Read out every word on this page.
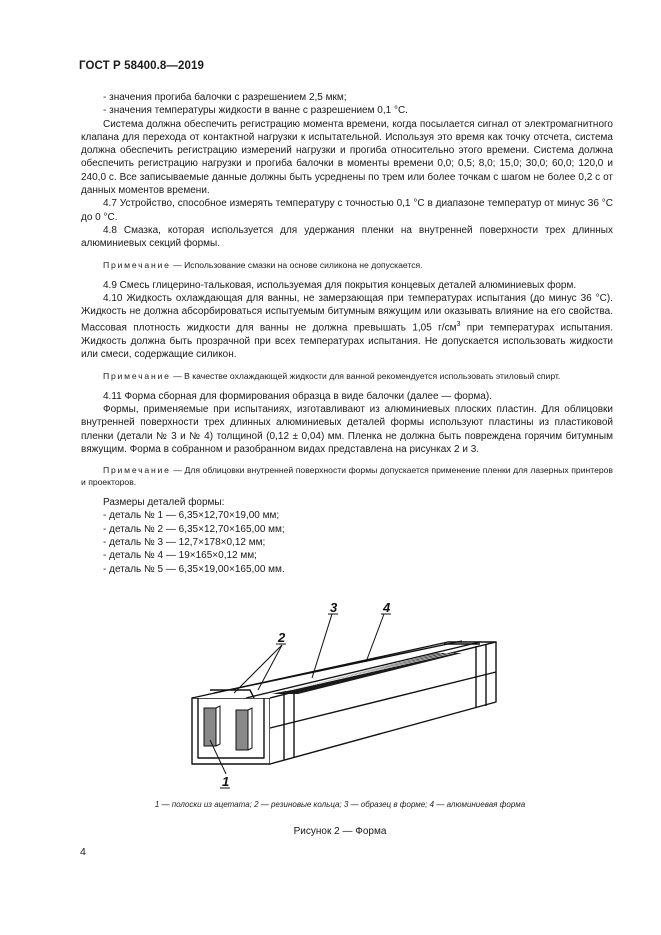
ГОСТ Р 58400.8—2019

- значения прогиба балочки с разрешением 2,5 мкм;

- значения температуры жидкости в ванне с разрешением 0,1 °С.

Система должна обеспечить регистрацию момента времени, когда посылается сигнал от электромагнитного клапана для перехода от контактной нагрузки к испытательной. Используя это время как точку отсчета, система должна обеспечить регистрацию измерений нагрузки и прогиба относительно этого времени. Система должна обеспечить регистрацию нагрузки и прогиба балочки в моменты времени 0,0; 0,5; 8,0; 15,0; 30,0; 60,0; 120,0 и 240,0 с. Все записываемые данные должны быть усреднены по трем или более точкам с шагом не более 0,2 с от данных моментов времени.

4.7 Устройство, способное измерять температуру с точностью 0,1 °С в диапазоне температур от минус 36 °С до 0 °С.

4.8 Смазка, которая используется для удержания пленки на внутренней поверхности трех длинных алюминиевых секций формы.

Примечание — Использование смазки на основе силикона не допускается.

4.9 Смесь глицерино-тальковая, используемая для покрытия концевых деталей алюминиевых форм.

4.10 Жидкость охлаждающая для ванны, не замерзающая при температурах испытания (до минус 36 °С). Жидкость не должна абсорбироваться испытуемым битумным вяжущим или оказывать влияние на его свойства. Массовая плотность жидкости для ванны не должна превышать 1,05 $г/см^3$ при температурах испытания. Жидкость должна быть прозрачной при всех температурах испытания. Не допускается использовать жидкости или смеси, содержащие силикон.

Примечание — В качестве охлаждающей жидкости для ванной рекомендуется использовать этиловый спирт.

4.11 Форма сборная для формирования образца в виде балочки (далее — форма).

Формы, применяемые при испытаниях, изготавливают из алюминиевых плоских пластин. Для облицовки внутренней поверхности трех длинных алюминиевых деталей формы используют пластины из пластиковой пленки (детали № 3 и № 4) толщиной (0,12 ± 0,04) мм. Пленка не должна быть повреждена горячим битумным вяжущим. Форма в собранном и разобранном видах представлена на рисунках 2 и 3.

Примечание — Для облицовки внутренней поверхности формы допускается применение пленки для лазерных принтеров и проекторов.

Размеры деталей формы:

- деталь № 1 — 6,35×12,70×19,00 мм;

- деталь № 2 — 6,35×12,70×165,00 мм;

- деталь № 3 — 12,7×178×0,12 мм;

- деталь № 4 — 19×165×0,12 мм;

- деталь № 5 — 6,35×19,00×165,00 мм.

1
2
3	4
1 — полоски из ацетата; 2 — резиновые кольца; 3 — образец в форме; 4 — алюминиевая форма
Рисунок 2 — Форма
4
